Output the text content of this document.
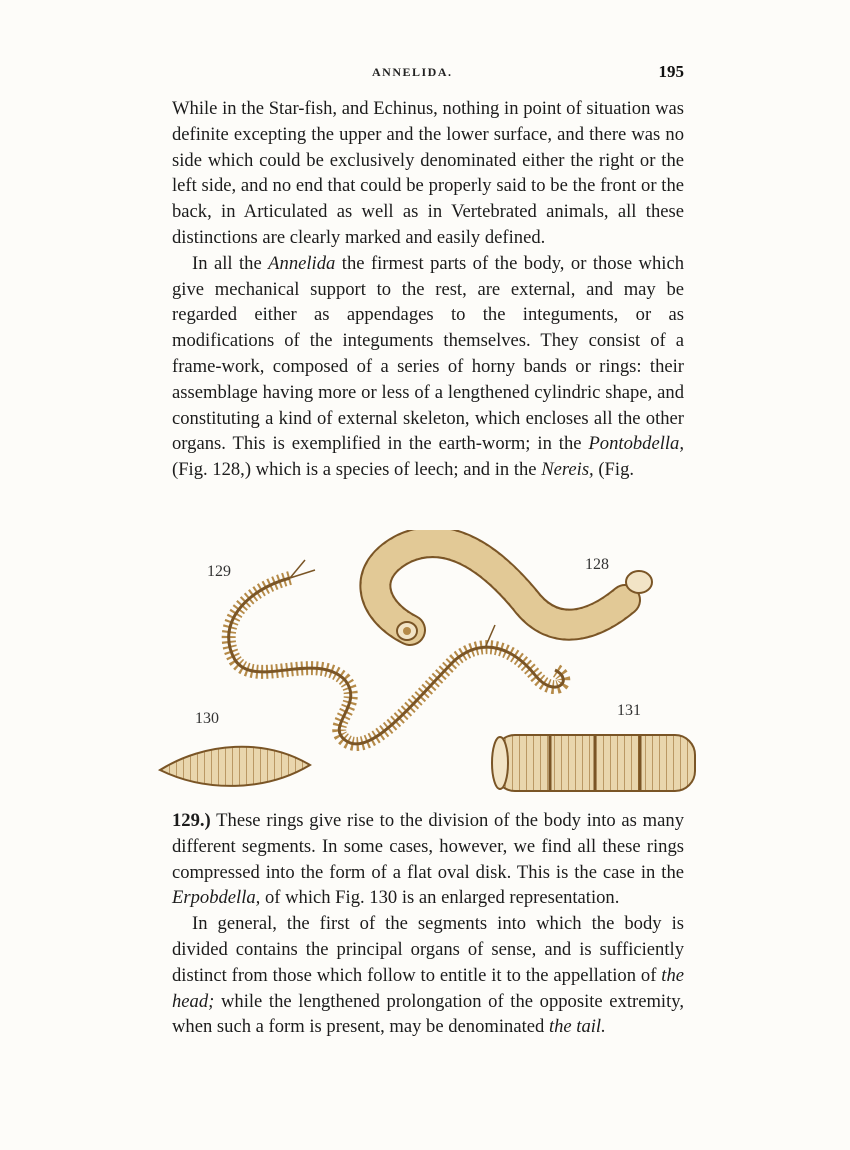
ANNELIDA.	195

While in the Star-fish, and Echinus, nothing in point of situation was definite excepting the upper and the lower surface, and there was no side which could be exclusively denominated either the right or the left side, and no end that could be properly said to be the front or the back, in Articulated as well as in Vertebrated animals, all these distinctions are clearly marked and easily defined.

In all the Annelida the firmest parts of the body, or those which give mechanical support to the rest, are external, and may be regarded either as appendages to the integuments, or as modifications of the integuments themselves. They consist of a frame-work, composed of a series of horny bands or rings: their assemblage having more or less of a lengthened cylindric shape, and constituting a kind of external skeleton, which encloses all the other organs. This is exemplified in the earth-worm; in the Pontobdella, (Fig. 128,) which is a species of leech; and in the Nereis, (Fig.

129	128
130	131

129.) These rings give rise to the division of the body into as many different segments. In some cases, however, we find all these rings compressed into the form of a flat oval disk. This is the case in the Erpobdella, of which Fig. 130 is an enlarged representation.

In general, the first of the segments into which the body is divided contains the principal organs of sense, and is sufficiently distinct from those which follow to entitle it to the appellation of the head; while the lengthened prolongation of the opposite extremity, when such a form is present, may be denominated the tail.
